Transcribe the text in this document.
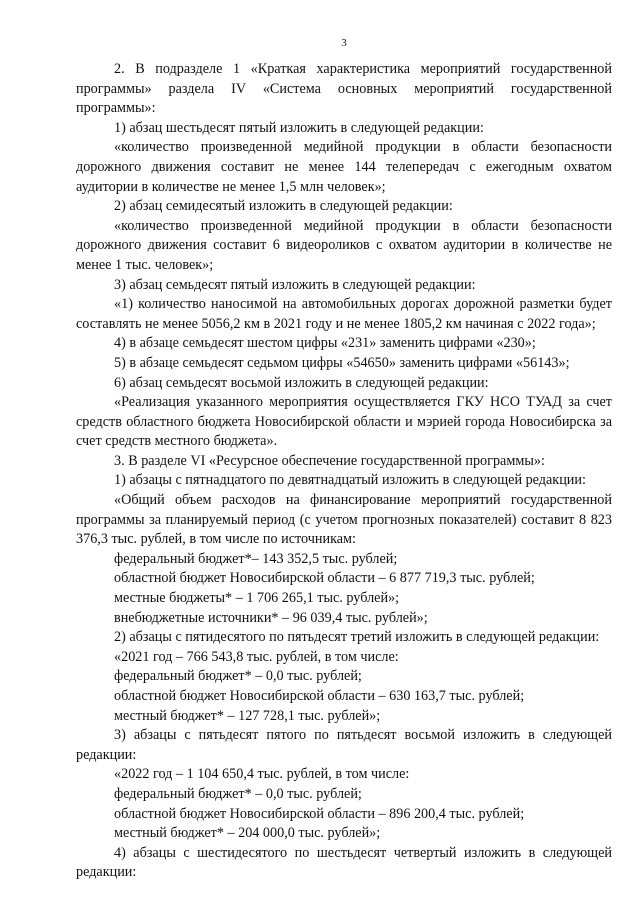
3

2. В подразделе 1 «Краткая характеристика мероприятий государственной программы» раздела IV «Система основных мероприятий государственной программы»:

1) абзац шестьдесят пятый изложить в следующей редакции:

«количество произведенной медийной продукции в области безопасности дорожного движения составит не менее 144 телепередач с ежегодным охватом аудитории в количестве не менее 1,5 млн человек»;

2) абзац семидесятый изложить в следующей редакции:

«количество произведенной медийной продукции в области безопасности дорожного движения составит 6 видеороликов с охватом аудитории в количестве не менее 1 тыс. человек»;

3) абзац семьдесят пятый изложить в следующей редакции:

«1) количество наносимой на автомобильных дорогах дорожной разметки будет составлять не менее 5056,2 км в 2021 году и не менее 1805,2 км начиная с 2022 года»;

4) в абзаце семьдесят шестом цифры «231» заменить цифрами «230»;

5) в абзаце семьдесят седьмом цифры «54650» заменить цифрами «56143»;

6) абзац семьдесят восьмой изложить в следующей редакции:

«Реализация указанного мероприятия осуществляется ГКУ НСО ТУАД за счет средств областного бюджета Новосибирской области и мэрией города Новосибирска за счет средств местного бюджета».

3. В разделе VI «Ресурсное обеспечение государственной программы»:

1) абзацы с пятнадцатого по девятнадцатый изложить в следующей редакции:

«Общий объем расходов на финансирование мероприятий государственной программы за планируемый период (с учетом прогнозных показателей) составит 8 823 376,3 тыс. рублей, в том числе по источникам:

федеральный бюджет*– 143 352,5 тыс. рублей;

областной бюджет Новосибирской области – 6 877 719,3 тыс. рублей;

местные бюджеты* – 1 706 265,1 тыс. рублей»;

внебюджетные источники* – 96 039,4 тыс. рублей»;

2) абзацы с пятидесятого по пятьдесят третий изложить в следующей редакции:

«2021 год – 766 543,8 тыс. рублей, в том числе:

федеральный бюджет* – 0,0 тыс. рублей;

областной бюджет Новосибирской области – 630 163,7 тыс. рублей;

местный бюджет* – 127 728,1 тыс. рублей»;

3) абзацы с пятьдесят пятого по пятьдесят восьмой изложить в следующей редакции:

«2022 год – 1 104 650,4 тыс. рублей, в том числе:

федеральный бюджет* – 0,0 тыс. рублей;

областной бюджет Новосибирской области – 896 200,4 тыс. рублей;

местный бюджет* – 204 000,0 тыс. рублей»;

4) абзацы с шестидесятого по шестьдесят четвертый изложить в следующей редакции:
